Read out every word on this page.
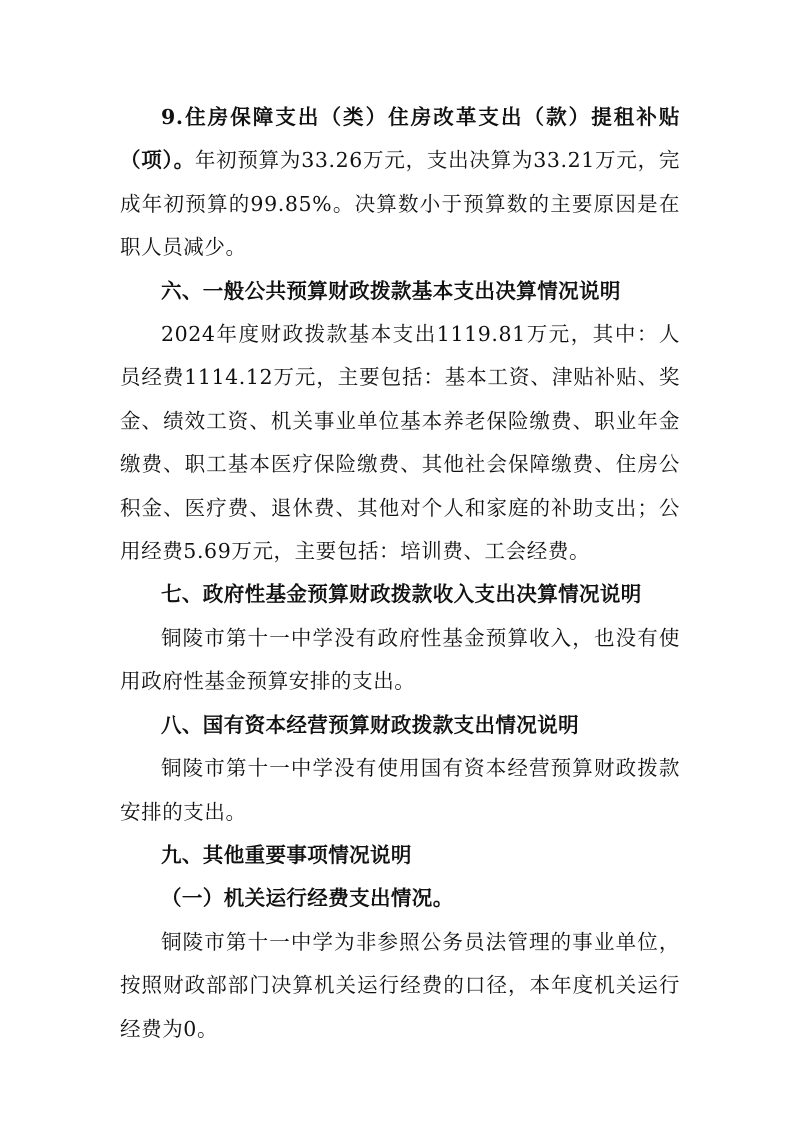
9.住房保障支出（类）住房改革支出（款）提租补贴（项）。年初预算为33.26万元，支出决算为33.21万元，完成年初预算的99.85%。决算数小于预算数的主要原因是在职人员减少。

六、一般公共预算财政拨款基本支出决算情况说明

2024年度财政拨款基本支出1119.81万元，其中：人员经费1114.12万元，主要包括：基本工资、津贴补贴、奖金、绩效工资、机关事业单位基本养老保险缴费、职业年金缴费、职工基本医疗保险缴费、其他社会保障缴费、住房公积金、医疗费、退休费、其他对个人和家庭的补助支出；公用经费5.69万元，主要包括：培训费、工会经费。

七、政府性基金预算财政拨款收入支出决算情况说明

铜陵市第十一中学没有政府性基金预算收入，也没有使用政府性基金预算安排的支出。

八、国有资本经营预算财政拨款支出情况说明

铜陵市第十一中学没有使用国有资本经营预算财政拨款安排的支出。

九、其他重要事项情况说明

（一）机关运行经费支出情况。

铜陵市第十一中学为非参照公务员法管理的事业单位，按照财政部部门决算机关运行经费的口径，本年度机关运行经费为0。
